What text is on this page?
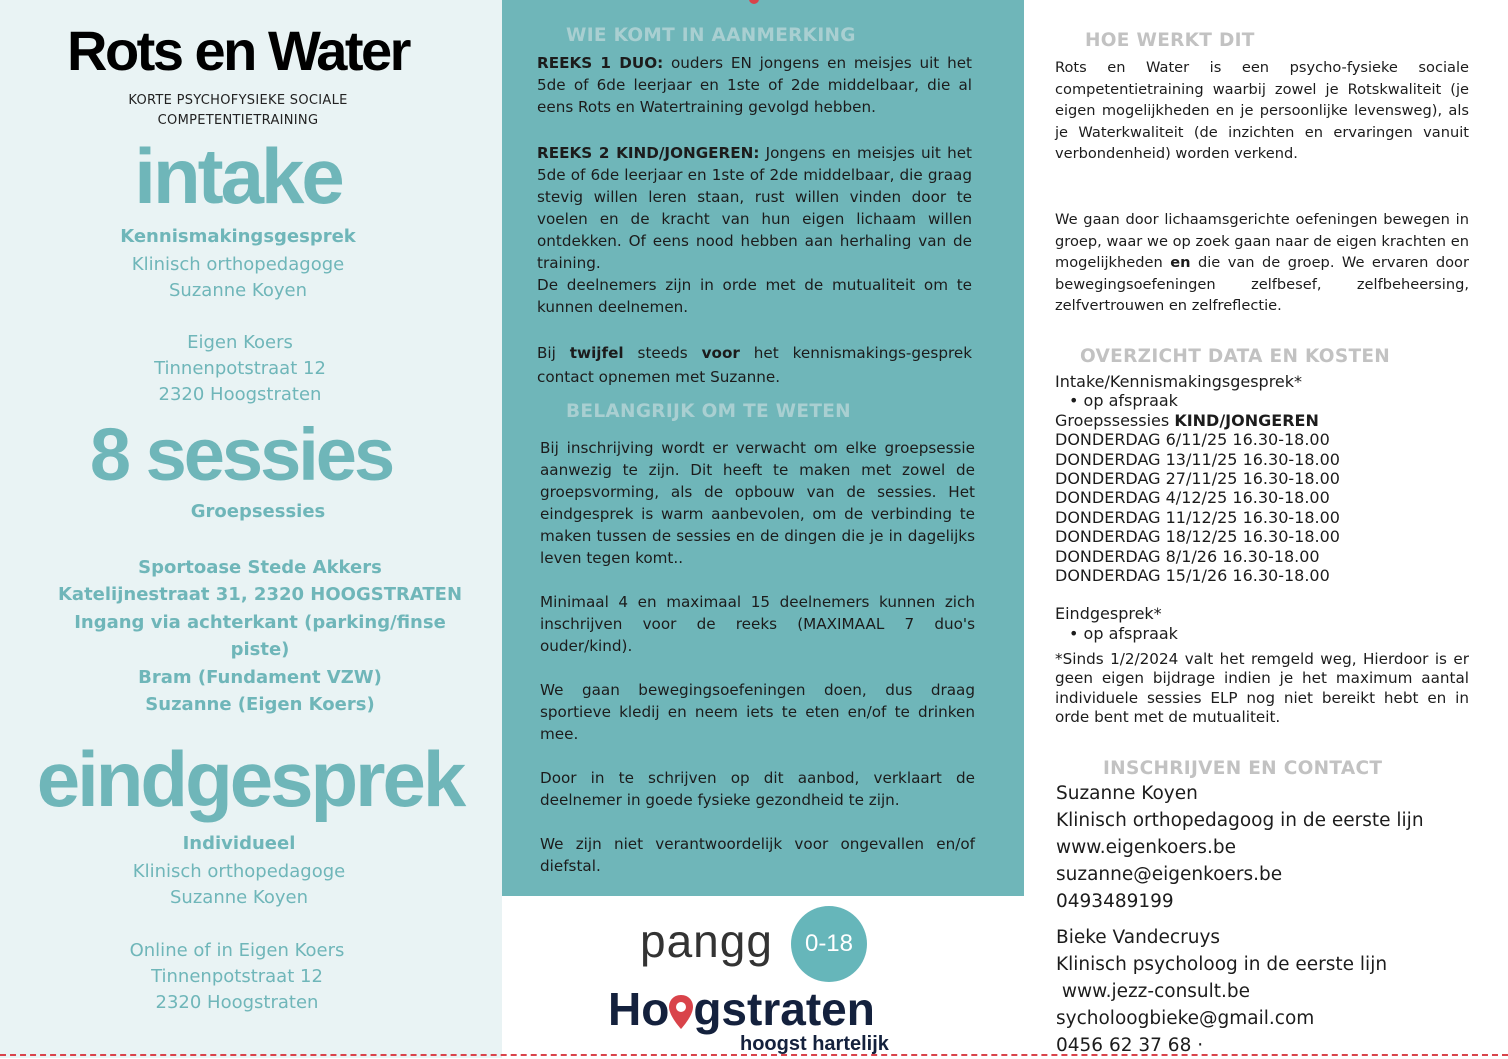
Rots en Water
KORTE PSYCHOFYSIEKE SOCIALE
COMPETENTIETRAINING
intake
Kennismakingsgesprek
Klinisch orthopedagoge
Suzanne Koyen
Eigen Koers
Tinnenpotstraat 12
2320 Hoogstraten
8 sessies
Groepsessies
Sportoase Stede Akkers
Katelijnestraat 31, 2320 HOOGSTRATEN
Ingang via achterkant (parking/finse
piste)
Bram (Fundament VZW)
Suzanne (Eigen Koers)
eindgesprek
Individueel
Klinisch orthopedagoge
Suzanne Koyen
Online of in Eigen Koers
Tinnenpotstraat 12
2320 Hoogstraten
WIE KOMT IN AANMERKING
REEKS 1 DUO: ouders EN jongens en meisjes uit het 5de of 6de leerjaar en 1ste of 2de middelbaar, die al eens Rots en Watertraining gevolgd hebben.
REEKS 2 KIND/JONGEREN: Jongens en meisjes uit het 5de of 6de leerjaar en 1ste of 2de middelbaar, die graag stevig willen leren staan, rust willen vinden door te voelen en de kracht van hun eigen lichaam willen ontdekken. Of eens nood hebben aan herhaling van de training.
De deelnemers zijn in orde met de mutualiteit om te kunnen deelnemen.
Bij twijfel steeds voor het kennismakings-gesprek contact opnemen met Suzanne.
BELANGRIJK OM TE WETEN
Bij inschrijving wordt er verwacht om elke groepsessie aanwezig te zijn. Dit heeft te maken met zowel de groepsvorming, als de opbouw van de sessies. Het eindgesprek is warm aanbevolen, om de verbinding te maken tussen de sessies en de dingen die je in dagelijks leven tegen komt..
Minimaal 4 en maximaal 15 deelnemers kunnen zich inschrijven voor de reeks (MAXIMAAL 7 duo's ouder/kind).
We gaan bewegingsoefeningen doen, dus draag sportieve kledij en neem iets te eten en/of te drinken mee.
Door in te schrijven op dit aanbod, verklaart de deelnemer in goede fysieke gezondheid te zijn.
We zijn niet verantwoordelijk voor ongevallen en/of diefstal.
pangg	0-18
Ho gstraten
hoogst hartelijk
HOE WERKT DIT
Rots en Water is een psycho-fysieke sociale competentietraining waarbij zowel je Rotskwaliteit (je eigen mogelijkheden en je persoonlijke levensweg), als je Waterkwaliteit (de inzichten en ervaringen vanuit verbondenheid) worden verkend.
We gaan door lichaamsgerichte oefeningen bewegen in groep, waar we op zoek gaan naar de eigen krachten en mogelijkheden en die van de groep. We ervaren door bewegingsoefeningen zelfbesef, zelfbeheersing, zelfvertrouwen en zelfreflectie.
OVERZICHT DATA EN KOSTEN
Intake/Kennismakingsgesprek*
• op afspraak
Groepssessies KIND/JONGEREN
DONDERDAG 6/11/25 16.30-18.00
DONDERDAG 13/11/25 16.30-18.00
DONDERDAG 27/11/25 16.30-18.00
DONDERDAG 4/12/25 16.30-18.00
DONDERDAG 11/12/25 16.30-18.00
DONDERDAG 18/12/25 16.30-18.00
DONDERDAG 8/1/26 16.30-18.00
DONDERDAG 15/1/26 16.30-18.00
Eindgesprek*
• op afspraak
*Sinds 1/2/2024 valt het remgeld weg, Hierdoor is er geen eigen bijdrage indien je het maximum aantal individuele sessies ELP nog niet bereikt hebt en in orde bent met de mutualiteit.
INSCHRIJVEN EN CONTACT
Suzanne Koyen
Klinisch orthopedagoog in de eerste lijn
www.eigenkoers.be
suzanne@eigenkoers.be
0493489199
Bieke Vandecruys
Klinisch psycholoog in de eerste lijn
www.jezz-consult.be
sycholoogbieke@gmail.com
0456 62 37 68 ·
